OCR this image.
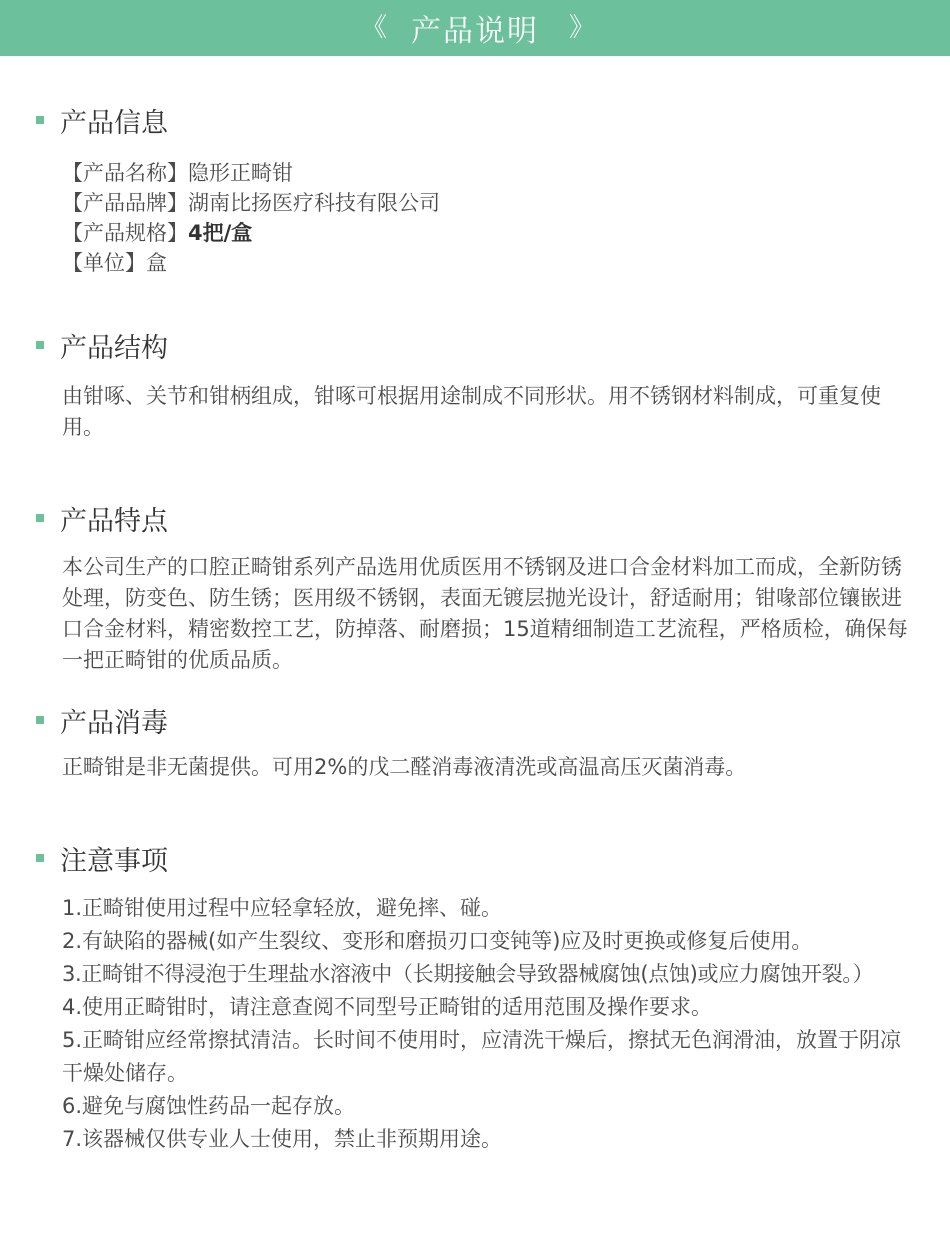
《 产品说明 》
产品信息
【产品名称】隐形正畸钳
【产品品牌】湖南比扬医疗科技有限公司
【产品规格】4把/盒
【单位】盒
产品结构
由钳啄、关节和钳柄组成，钳啄可根据用途制成不同形状。用不锈钢材料制成，可重复使用。
产品特点
本公司生产的口腔正畸钳系列产品选用优质医用不锈钢及进口合金材料加工而成，全新防锈处理，防变色、防生锈；医用级不锈钢，表面无镀层抛光设计，舒适耐用；钳喙部位镶嵌进口合金材料，精密数控工艺，防掉落、耐磨损；15道精细制造工艺流程，严格质检，确保每一把正畸钳的优质品质。
产品消毒
正畸钳是非无菌提供。可用2%的戊二醛消毒液清洗或高温高压灭菌消毒。
注意事项
1.正畸钳使用过程中应轻拿轻放，避免摔、碰。
2.有缺陷的器械(如产生裂纹、变形和磨损刃口变钝等)应及时更换或修复后使用。
3.正畸钳不得浸泡于生理盐水溶液中（长期接触会导致器械腐蚀(点蚀)或应力腐蚀开裂。）
4.使用正畸钳时，请注意查阅不同型号正畸钳的适用范围及操作要求。
5.正畸钳应经常擦拭清洁。长时间不使用时，应清洗干燥后，擦拭无色润滑油，放置于阴凉干燥处储存。
6.避免与腐蚀性药品一起存放。
7.该器械仅供专业人士使用，禁止非预期用途。
